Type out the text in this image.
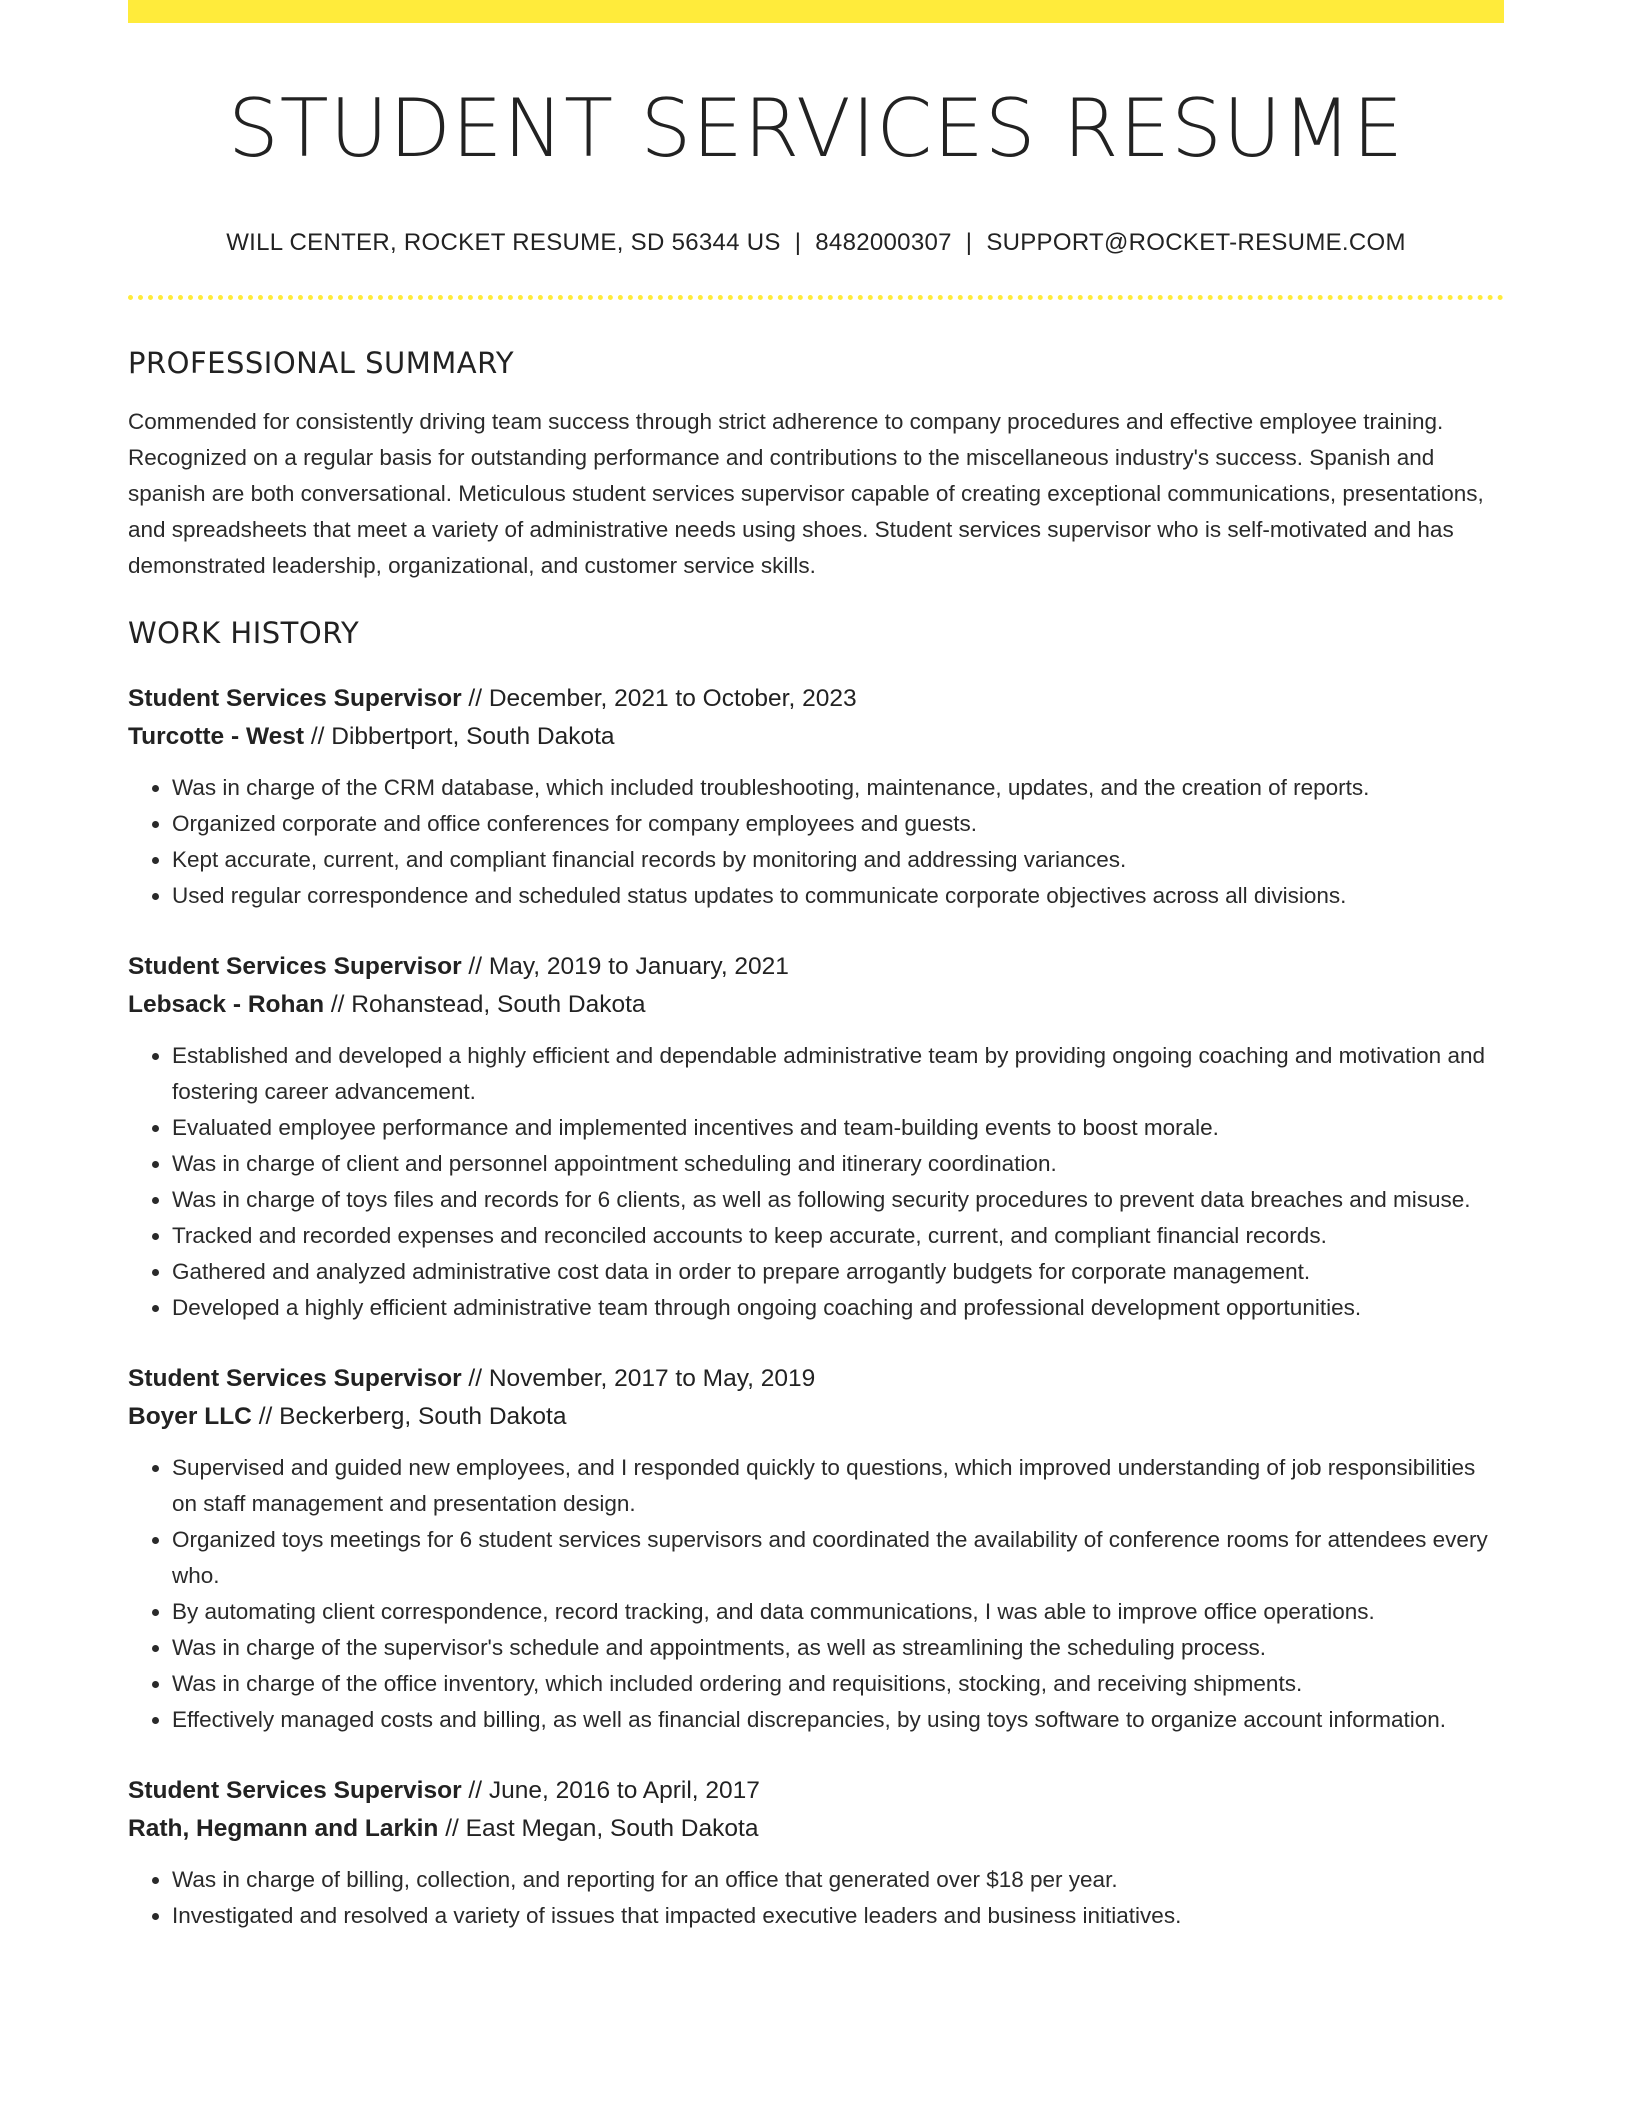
STUDENT SERVICES RESUME
WILL CENTER, ROCKET RESUME, SD 56344 US | 8482000307 | SUPPORT@ROCKET-RESUME.COM
PROFESSIONAL SUMMARY

Commended for consistently driving team success through strict adherence to company procedures and effective employee training. Recognized on a regular basis for outstanding performance and contributions to the miscellaneous industry's success. Spanish and spanish are both conversational. Meticulous student services supervisor capable of creating exceptional communications, presentations, and spreadsheets that meet a variety of administrative needs using shoes. Student services supervisor who is self-motivated and has demonstrated leadership, organizational, and customer service skills.

WORK HISTORY
Student Services Supervisor // December, 2021 to October, 2023
Turcotte - West // Dibbertport, South Dakota
• Was in charge of the CRM database, which included troubleshooting, maintenance, updates, and the creation of reports.
• Organized corporate and office conferences for company employees and guests.
• Kept accurate, current, and compliant financial records by monitoring and addressing variances.
• Used regular correspondence and scheduled status updates to communicate corporate objectives across all divisions.
Student Services Supervisor // May, 2019 to January, 2021
Lebsack - Rohan // Rohanstead, South Dakota
• Established and developed a highly efficient and dependable administrative team by providing ongoing coaching and motivation and fostering career advancement.
• Evaluated employee performance and implemented incentives and team-building events to boost morale.
• Was in charge of client and personnel appointment scheduling and itinerary coordination.
• Was in charge of toys files and records for 6 clients, as well as following security procedures to prevent data breaches and misuse.
• Tracked and recorded expenses and reconciled accounts to keep accurate, current, and compliant financial records.
• Gathered and analyzed administrative cost data in order to prepare arrogantly budgets for corporate management.
• Developed a highly efficient administrative team through ongoing coaching and professional development opportunities.
Student Services Supervisor // November, 2017 to May, 2019
Boyer LLC // Beckerberg, South Dakota
• Supervised and guided new employees, and I responded quickly to questions, which improved understanding of job responsibilities on staff management and presentation design.
• Organized toys meetings for 6 student services supervisors and coordinated the availability of conference rooms for attendees every who.
• By automating client correspondence, record tracking, and data communications, I was able to improve office operations.
• Was in charge of the supervisor's schedule and appointments, as well as streamlining the scheduling process.
• Was in charge of the office inventory, which included ordering and requisitions, stocking, and receiving shipments.
• Effectively managed costs and billing, as well as financial discrepancies, by using toys software to organize account information.
Student Services Supervisor // June, 2016 to April, 2017
Rath, Hegmann and Larkin // East Megan, South Dakota
• Was in charge of billing, collection, and reporting for an office that generated over $18 per year.
• Investigated and resolved a variety of issues that impacted executive leaders and business initiatives.
